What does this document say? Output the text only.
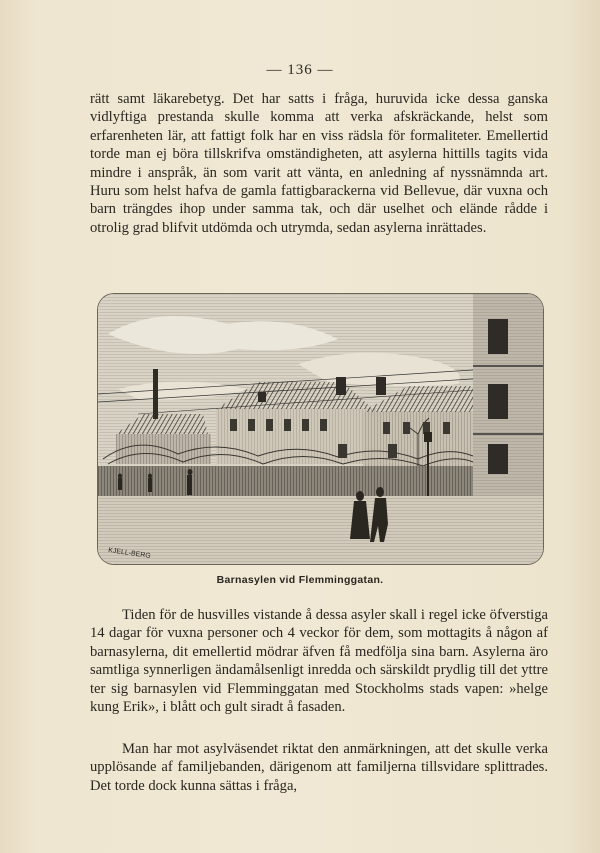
— 136 —

rätt samt läkarebetyg. Det har satts i fråga, huruvida icke dessa ganska vidlyftiga prestanda skulle komma att verka afskräckande, helst som erfarenheten lär, att fattigt folk har en viss rädsla för formaliteter. Emellertid torde man ej böra tillskrifva omständigheten, att asylerna hittills tagits vida mindre i anspråk, än som varit att vänta, en anledning af nyssnämnda art. Huru som helst hafva de gamla fattigbarackerna vid Bellevue, där vuxna och barn trängdes ihop under samma tak, och där uselhet och elände rådde i otrolig grad blifvit utdömda och utrymda, sedan asylerna inrättades.

KJELL-BERG
Barnasylen vid Flemminggatan.

Tiden för de husvilles vistande å dessa asyler skall i regel icke öfverstiga 14 dagar för vuxna personer och 4 veckor för dem, som mottagits å någon af barnasylerna, dit emellertid mödrar äfven få medfölja sina barn. Asylerna äro samtliga synnerligen ändamålsenligt inredda och särskildt prydlig till det yttre ter sig barnasylen vid Flemminggatan med Stockholms stads vapen: »helge kung Erik», i blått och gult siradt å fasaden.

Man har mot asylväsendet riktat den anmärkningen, att det skulle verka upplösande af familjebanden, därigenom att familjerna tillsvidare splittrades. Det torde dock kunna sättas i fråga,
